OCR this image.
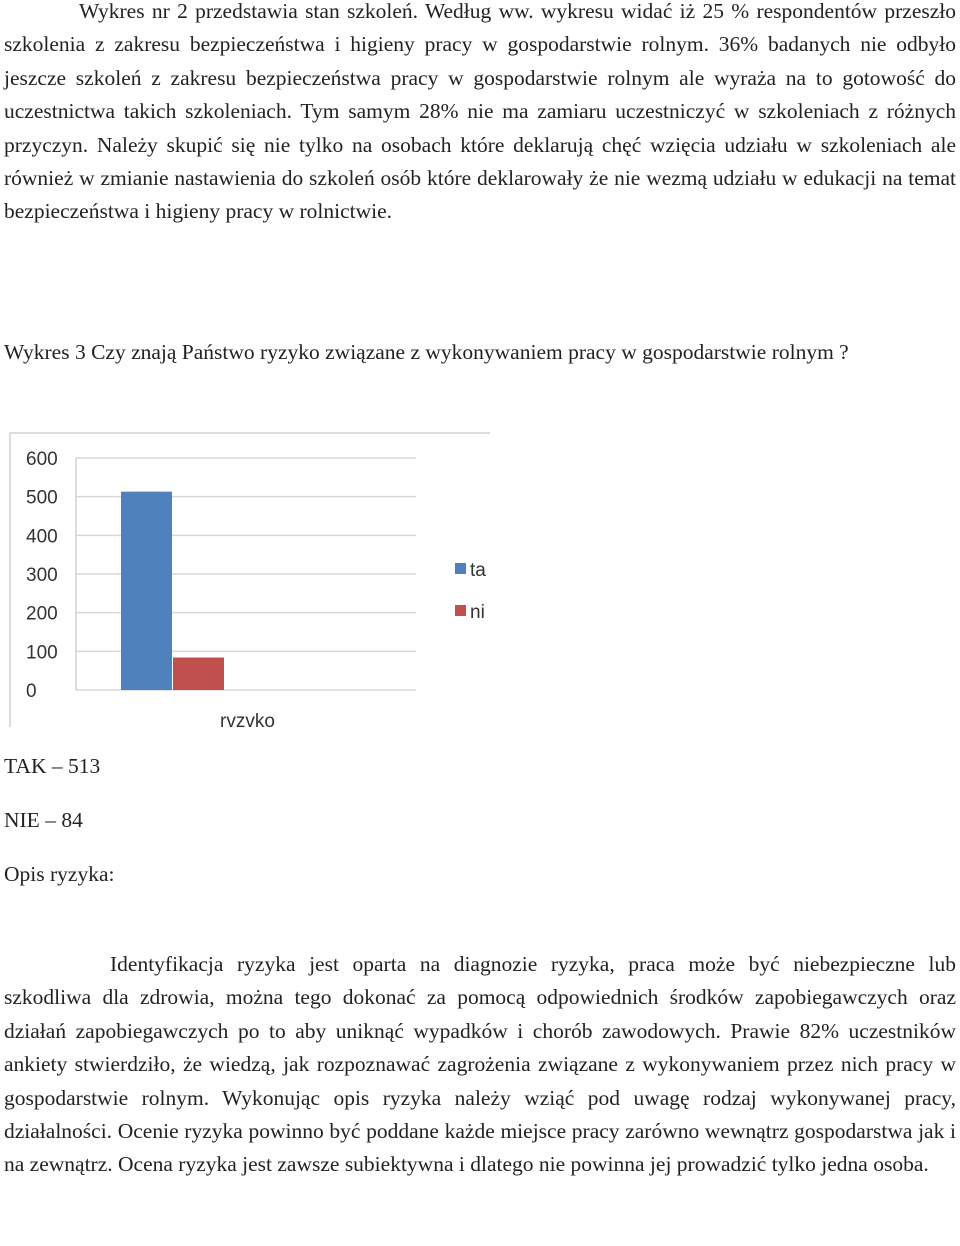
Wykres nr 2 przedstawia stan szkoleń. Według ww. wykresu widać iż 25 % respondentów przeszło szkolenia z zakresu bezpieczeństwa i higieny pracy w gospodarstwie rolnym. 36% badanych nie odbyło jeszcze szkoleń z zakresu bezpieczeństwa pracy w gospodarstwie rolnym ale wyraża na to gotowość do uczestnictwa takich szkoleniach. Tym samym 28% nie ma zamiaru uczestniczyć w szkoleniach z różnych przyczyn. Należy skupić się nie tylko na osobach które deklarują chęć wzięcia udziału w szkoleniach ale również w zmianie nastawienia do szkoleń osób które deklarowały że nie wezmą udziału w edukacji na temat bezpieczeństwa i higieny pracy w rolnictwie.

Wykres 3 Czy znają Państwo ryzyko związane z wykonywaniem pracy w gospodarstwie rolnym ?

0
100
200
300
400
500
600
ta
ni
rvzvko

TAK – 513

NIE – 84

Opis ryzyka:

Identyfikacja ryzyka jest oparta na diagnozie ryzyka, praca może być niebezpieczne lub szkodliwa dla zdrowia, można tego dokonać za pomocą odpowiednich środków zapobiegawczych oraz działań zapobiegawczych po to aby uniknąć wypadków i chorób zawodowych. Prawie 82% uczestników ankiety stwierdziło, że wiedzą, jak rozpoznawać zagrożenia związane z wykonywaniem przez nich pracy w gospodarstwie rolnym. Wykonując opis ryzyka należy wziąć pod uwagę rodzaj wykonywanej pracy, działalności. Ocenie ryzyka powinno być poddane każde miejsce pracy zarówno wewnątrz gospodarstwa jak i na zewnątrz. Ocena ryzyka jest zawsze subiektywna i dlatego nie powinna jej prowadzić tylko jedna osoba.
